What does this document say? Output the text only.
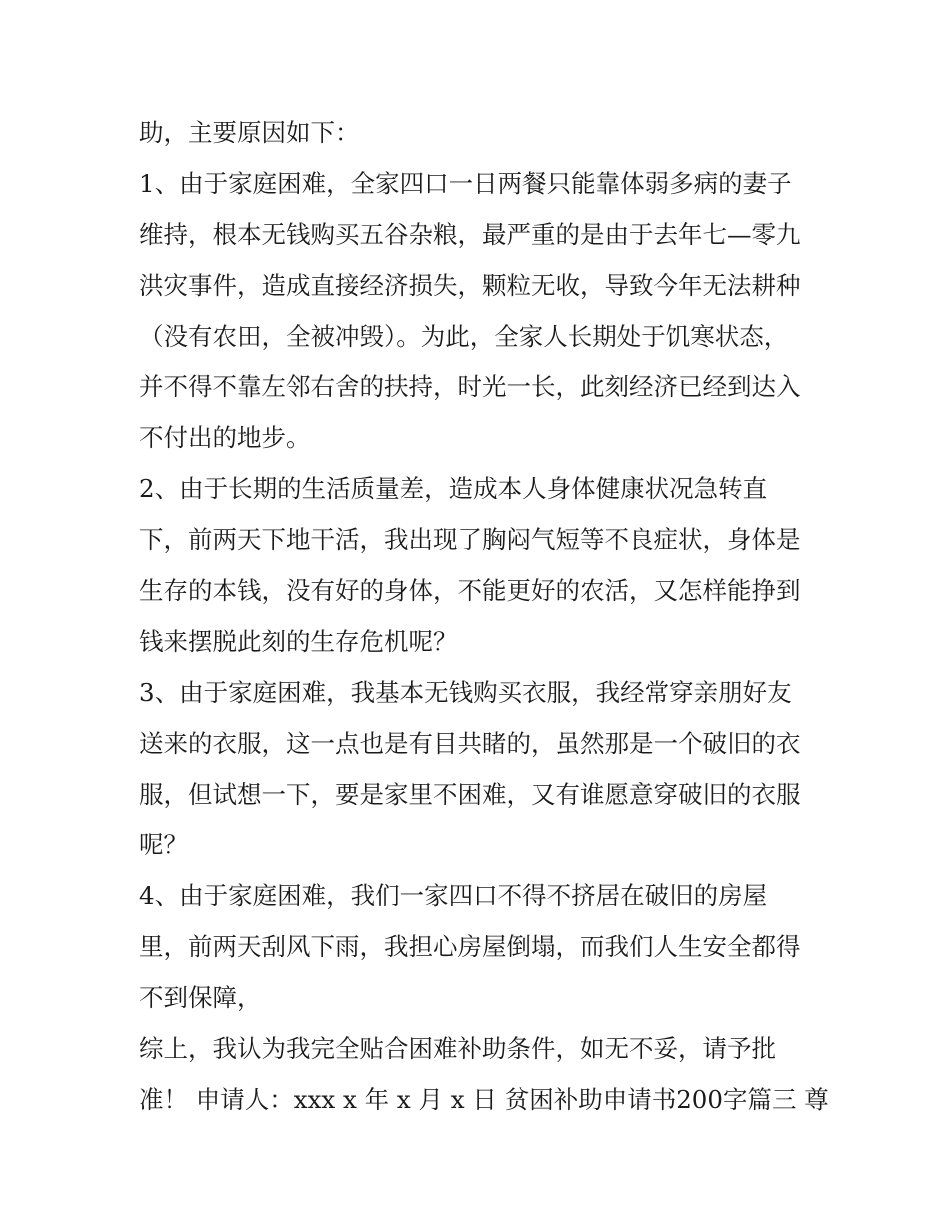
助，主要原因如下：
1、由于家庭困难，全家四口一日两餐只能靠体弱多病的妻子
维持，根本无钱购买五谷杂粮，最严重的是由于去年七—零九
洪灾事件，造成直接经济损失，颗粒无收，导致今年无法耕种
（没有农田，全被冲毁）。为此，全家人长期处于饥寒状态，
并不得不靠左邻右舍的扶持，时光一长，此刻经济已经到达入
不付出的地步。
2、由于长期的生活质量差，造成本人身体健康状况急转直
下，前两天下地干活，我出现了胸闷气短等不良症状，身体是
生存的本钱，没有好的身体，不能更好的农活，又怎样能挣到
钱来摆脱此刻的生存危机呢？
3、由于家庭困难，我基本无钱购买衣服，我经常穿亲朋好友
送来的衣服，这一点也是有目共睹的，虽然那是一个破旧的衣
服，但试想一下，要是家里不困难，又有谁愿意穿破旧的衣服
呢？
4、由于家庭困难，我们一家四口不得不挤居在破旧的房屋
里，前两天刮风下雨，我担心房屋倒塌，而我们人生安全都得
不到保障，
综上，我认为我完全贴合困难补助条件，如无不妥，请予批
准！ 申请人：xxx x 年 x 月 x 日 贫困补助申请书200字篇三 尊
